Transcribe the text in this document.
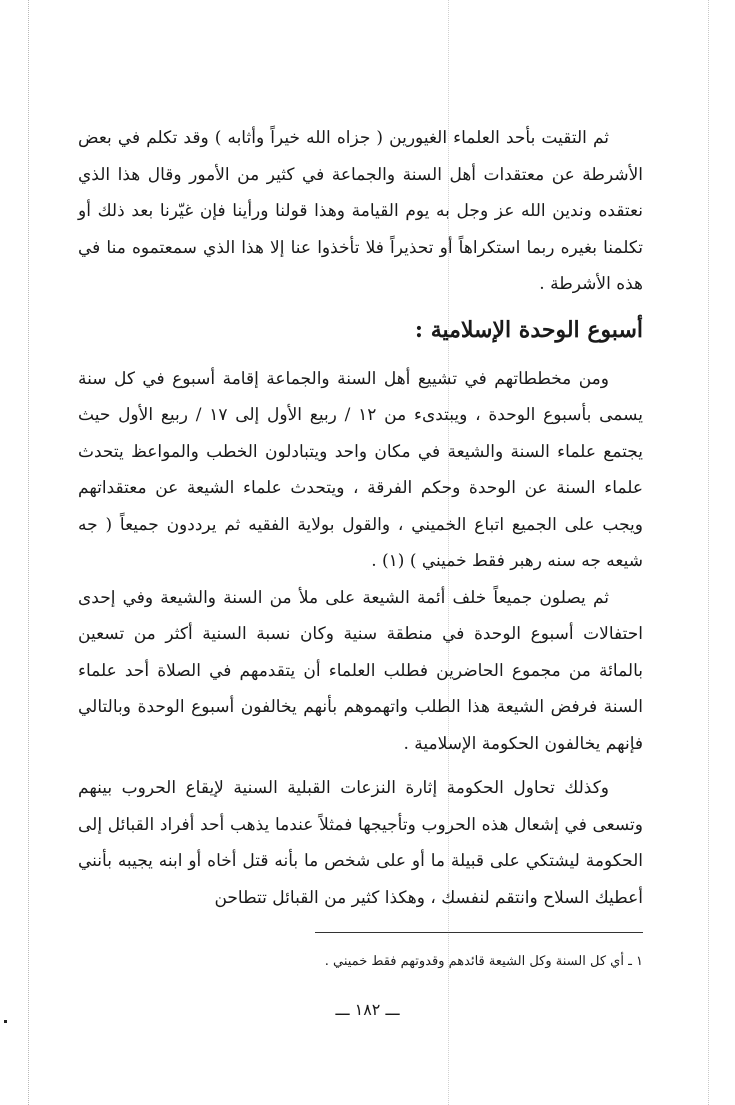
ثم التقيت بأحد العلماء الغيورين ( جزاه الله خيراً وأثابه ) وقد تكلم في بعض الأشرطة عن معتقدات أهل السنة والجماعة في كثير من الأمور وقال هذا الذي نعتقده وندين الله عز وجل به يوم القيامة وهذا قولنا ورأينا فإن غيّرنا بعد ذلك أو تكلمنا بغيره ربما استكراهاً أو تحذيراً فلا تأخذوا عنا إلا هذا الذي سمعتموه منا في هذه الأشرطة .

أسبوع الوحدة الإسلامية :

ومن مخططاتهم في تشييع أهل السنة والجماعة إقامة أسبوع في كل سنة يسمى بأسبوع الوحدة ، ويبتدىء من ١٢ / ربيع الأول إلى ١٧ / ربيع الأول حيث يجتمع علماء السنة والشيعة في مكان واحد ويتبادلون الخطب والمواعظ يتحدث علماء السنة عن الوحدة وحكم الفرقة ، ويتحدث علماء الشيعة عن معتقداتهم ويجب على الجميع اتباع الخميني ، والقول بولاية الفقيه ثم يرددون جميعاً ( جه شيعه جه سنه رهبر فقط خميني ) (١) .

ثم يصلون جميعاً خلف أئمة الشيعة على ملأ من السنة والشيعة وفي إحدى احتفالات أسبوع الوحدة في منطقة سنية وكان نسبة السنية أكثر من تسعين بالمائة من مجموع الحاضرين فطلب العلماء أن يتقدمهم في الصلاة أحد علماء السنة فرفض الشيعة هذا الطلب واتهموهم بأنهم يخالفون أسبوع الوحدة وبالتالي فإنهم يخالفون الحكومة الإسلامية .

وكذلك تحاول الحكومة إثارة النزعات القبلية السنية لإيقاع الحروب بينهم وتسعى في إشعال هذه الحروب وتأجيجها فمثلاً عندما يذهب أحد أفراد القبائل إلى الحكومة ليشتكي على قبيلة ما أو على شخص ما بأنه قتل أخاه أو ابنه يجيبه بأنني أعطيك السلاح وانتقم لنفسك ، وهكذا كثير من القبائل تتطاحن

١ ـ أي كل السنة وكل الشيعة قائدهم وقدوتهم فقط خميني .
ـــ ١٨٢ ـــ
